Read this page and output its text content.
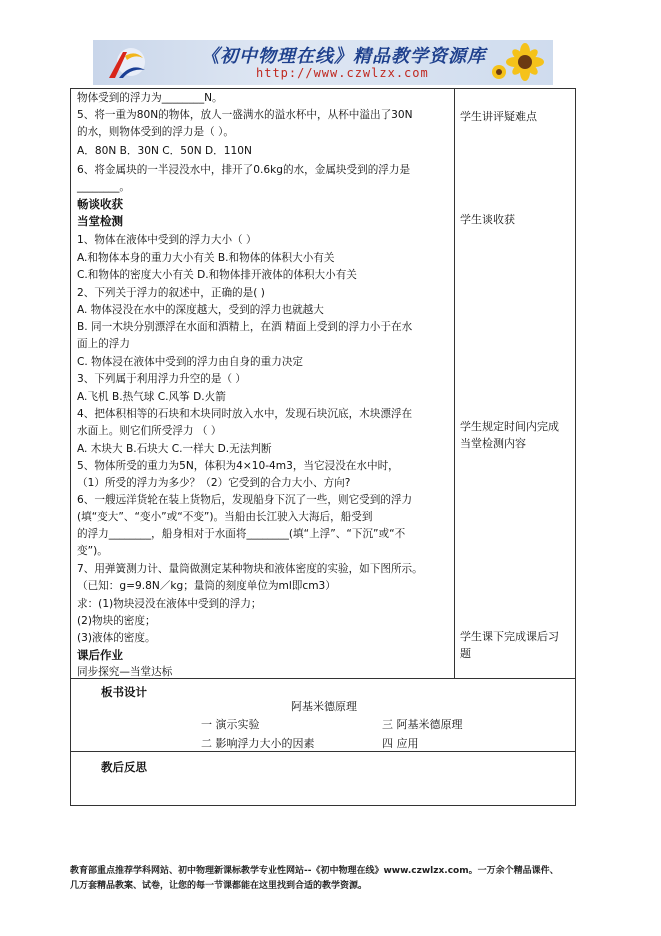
《初中物理在线》精品教学资源库
http://www.czwlzx.com
物体受到的浮力为________N。
5、将一重为80N的物体，放人一盛满水的溢水杯中，从杯中溢出了30N
的水，则物体受到的浮力是（ ）。
A．80N B．30N C．50N D．110N
6、将金属块的一半浸没水中，排开了0.6kg的水，金属块受到的浮力是
________。
畅谈收获
当堂检测
1、物体在液体中受到的浮力大小（ ）
A.和物体本身的重力大小有关 B.和物体的体积大小有关
C.和物体的密度大小有关 D.和物体排开液体的体积大小有关
2、下列关于浮力的叙述中，正确的是( )
A. 物体浸没在水中的深度越大，受到的浮力也就越大
B. 同一木块分别漂浮在水面和酒精上，在酒 精面上受到的浮力小于在水
面上的浮力
C. 物体浸在液体中受到的浮力由自身的重力决定
3、下列属于利用浮力升空的是（ ）
A.飞机 B.热气球 C.风筝 D.火箭
4、把体积相等的石块和木块同时放入水中，发现石块沉底，木块漂浮在
水面上。则它们所受浮力 （ ）
A. 木块大 B.石块大 C.一样大 D.无法判断
5、物体所受的重力为5N，体积为4×10-4m3，当它浸没在水中时，
（1）所受的浮力为多少？（2）它受到的合力大小、方向?
6、一艘远洋货轮在装上货物后，发现船身下沉了一些，则它受到的浮力
(填“变大”、“变小”或“不变”)。当船由长江驶入大海后，船受到
的浮力________，船身相对于水面将________(填“上浮”、“下沉”或“不
变”)。
7、用弹簧测力计、量筒做测定某种物块和液体密度的实验，如下图所示。
（已知：g=9.8N／kg；量筒的刻度单位为ml即cm3）
求：(1)物块浸没在液体中受到的浮力；
(2)物块的密度；
(3)液体的密度。
课后作业
同步探究—当堂达标
学生讲评疑难点
学生谈收获
学生规定时间内完成
当堂检测内容
学生课下完成课后习
题
板书设计
阿基米德原理
一 演示实验	三 阿基米德原理
二 影响浮力大小的因素	四 应用
教后反思
教育部重点推荐学科网站、初中物理新课标教学专业性网站--《初中物理在线》www.czwlzx.com。一万余个精品课件、
几万套精品教案、试卷，让您的每一节课都能在这里找到合适的教学资源。
